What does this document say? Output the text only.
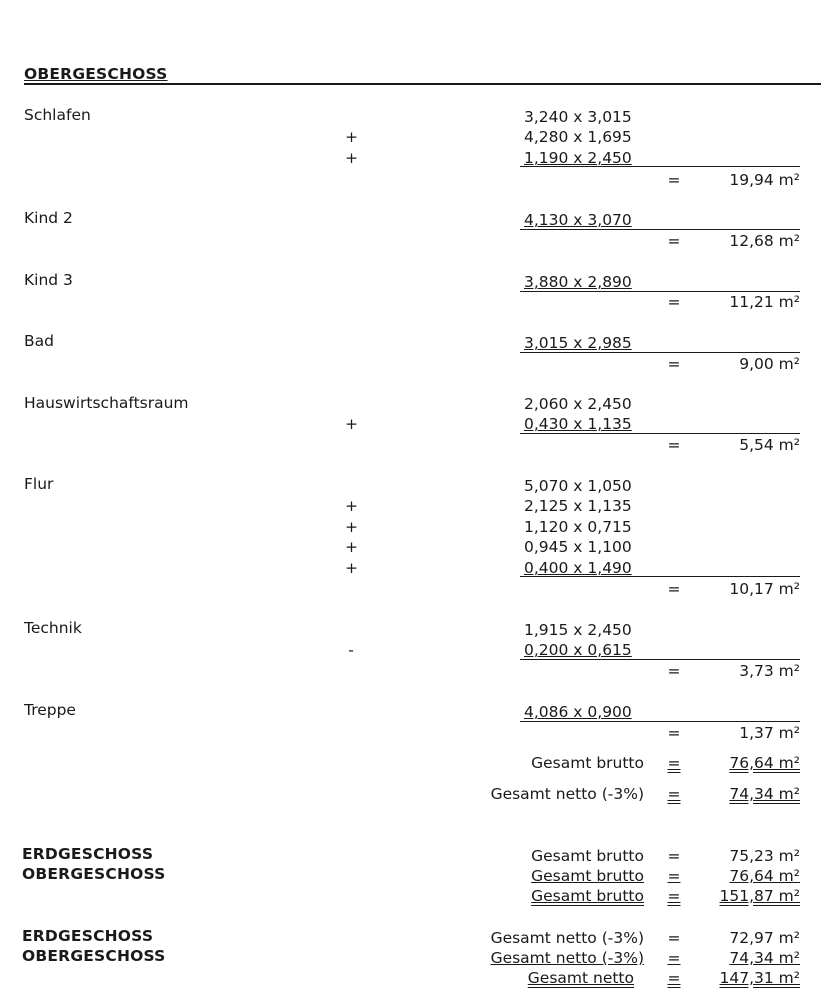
OBERGESCHOSS
Schlafen	3,240 x 3,015
+	4,280 x 1,695
+	1,190 x 2,450
=	19,94 m²
Kind 2	4,130 x 3,070
=	12,68 m²
Kind 3	3,880 x 2,890
=	11,21 m²
Bad	3,015 x 2,985
=	9,00 m²
Hauswirtschaftsraum	2,060 x 2,450
+	0,430 x 1,135
=	5,54 m²
Flur	5,070 x 1,050
+	2,125 x 1,135
+	1,120 x 0,715
+	0,945 x 1,100
+	0,400 x 1,490
=	10,17 m²
Technik	1,915 x 2,450
-	0,200 x 0,615
=	3,73 m²
Treppe	4,086 x 0,900
=	1,37 m²
Gesamt brutto =	76,64 m²
Gesamt netto (-3%) =	74,34 m²
ERDGESCHOSS
OBERGESCHOSS
Gesamt brutto =	75,23 m²
Gesamt brutto =	76,64 m²
Gesamt brutto =	151,87 m²
ERDGESCHOSS
OBERGESCHOSS
Gesamt netto (-3%) =	72,97 m²
Gesamt netto (-3%) =	74,34 m²
Gesamt netto =	147,31 m²
